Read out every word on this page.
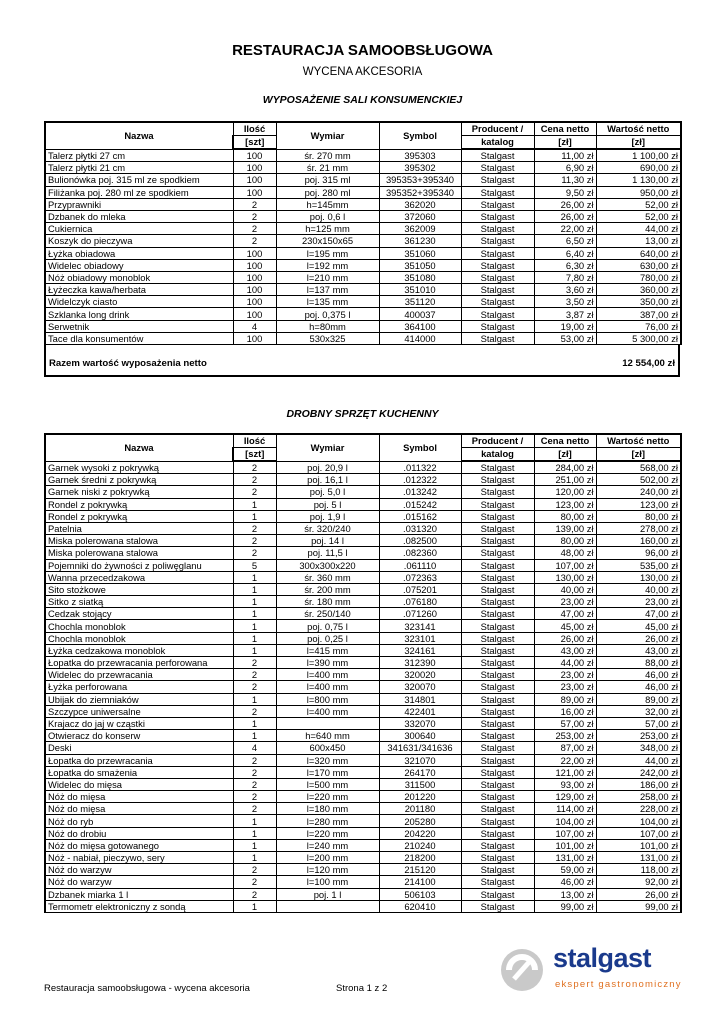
RESTAURACJA SAMOOBSŁUGOWA
WYCENA AKCESORIA
WYPOSAŻENIE SALI KONSUMENCKIEJ
Nazwa	Ilość	Wymiar	Symbol	Producent /	Cena netto	Wartość netto
	[szt]			katalog	[zł]	[zł]
Talerz płytki 27 cm	100	śr. 270 mm	395303	Stalgast	11,00 zł	1 100,00 zł
Talerz płytki 21 cm	100	śr. 21 mm	395302	Stalgast	6,90 zł	690,00 zł
Bulionówka poj. 315 ml ze spodkiem	100	poj. 315 ml	395353+395340	Stalgast	11,30 zł	1 130,00 zł
Filiżanka poj. 280 ml ze spodkiem	100	poj. 280 ml	395352+395340	Stalgast	9,50 zł	950,00 zł
Przyprawniki	2	h=145mm	362020	Stalgast	26,00 zł	52,00 zł
Dzbanek do mleka	2	poj. 0,6 l	372060	Stalgast	26,00 zł	52,00 zł
Cukiernica	2	h=125 mm	362009	Stalgast	22,00 zł	44,00 zł
Koszyk do pieczywa	2	230x150x65	361230	Stalgast	6,50 zł	13,00 zł
Łyżka obiadowa	100	l=195 mm	351060	Stalgast	6,40 zł	640,00 zł
Widelec obiadowy	100	l=192 mm	351050	Stalgast	6,30 zł	630,00 zł
Nóż obiadowy monoblok	100	l=210 mm	351080	Stalgast	7,80 zł	780,00 zł
Łyżeczka kawa/herbata	100	l=137 mm	351010	Stalgast	3,60 zł	360,00 zł
Widelczyk ciasto	100	l=135 mm	351120	Stalgast	3,50 zł	350,00 zł
Szklanka long drink	100	poj. 0,375 l	400037	Stalgast	3,87 zł	387,00 zł
Serwetnik	4	h=80mm	364100	Stalgast	19,00 zł	76,00 zł
Tace dla konsumentów	100	530x325	414000	Stalgast	53,00 zł	5 300,00 zł
Razem wartość wyposażenia netto	12 554,00 zł
DROBNY SPRZĘT KUCHENNY
Nazwa	Ilość	Wymiar	Symbol	Producent /	Cena netto	Wartość netto
	[szt]			katalog	[zł]	[zł]
Garnek wysoki z pokrywką	2	poj. 20,9 l	.011322	Stalgast	284,00 zł	568,00 zł
Garnek średni z pokrywką	2	poj. 16,1 l	.012322	Stalgast	251,00 zł	502,00 zł
Garnek niski z pokrywką	2	poj. 5,0 l	.013242	Stalgast	120,00 zł	240,00 zł
Rondel z pokrywką	1	poj. 5 l	.015242	Stalgast	123,00 zł	123,00 zł
Rondel z pokrywką	1	poj. 1,9 l	.015162	Stalgast	80,00 zł	80,00 zł
Patelnia	2	śr. 320/240	.031320	Stalgast	139,00 zł	278,00 zł
Miska polerowana stalowa	2	poj. 14 l	.082500	Stalgast	80,00 zł	160,00 zł
Miska polerowana stalowa	2	poj. 11,5 l	.082360	Stalgast	48,00 zł	96,00 zł
Pojemniki do żywności z poliwęglanu	5	300x300x220	.061110	Stalgast	107,00 zł	535,00 zł
Wanna przecedzakowa	1	śr. 360 mm	.072363	Stalgast	130,00 zł	130,00 zł
Sito stożkowe	1	śr. 200 mm	.075201	Stalgast	40,00 zł	40,00 zł
Sitko z siatką	1	śr. 180 mm	.076180	Stalgast	23,00 zł	23,00 zł
Cedzak stojący	1	śr. 250/140	.071260	Stalgast	47,00 zł	47,00 zł
Chochla monoblok	1	poj. 0,75 l	323141	Stalgast	45,00 zł	45,00 zł
Chochla monoblok	1	poj. 0,25 l	323101	Stalgast	26,00 zł	26,00 zł
Łyżka cedzakowa monoblok	1	l=415 mm	324161	Stalgast	43,00 zł	43,00 zł
Łopatka do przewracania perforowana	2	l=390 mm	312390	Stalgast	44,00 zł	88,00 zł
Widelec do przewracania	2	l=400 mm	320020	Stalgast	23,00 zł	46,00 zł
Łyżka perforowana	2	l=400 mm	320070	Stalgast	23,00 zł	46,00 zł
Ubijak do ziemniaków	1	l=800 mm	314801	Stalgast	89,00 zł	89,00 zł
Szczypce uniwersalne	2	l=400 mm	422401	Stalgast	16,00 zł	32,00 zł
Krajacz do jaj w cząstki	1		332070	Stalgast	57,00 zł	57,00 zł
Otwieracz do konserw	1	h=640 mm	300640	Stalgast	253,00 zł	253,00 zł
Deski	4	600x450	341631/341636	Stalgast	87,00 zł	348,00 zł
Łopatka do przewracania	2	l=320 mm	321070	Stalgast	22,00 zł	44,00 zł
Łopatka do smażenia	2	l=170 mm	264170	Stalgast	121,00 zł	242,00 zł
Widelec do mięsa	2	l=500 mm	311500	Stalgast	93,00 zł	186,00 zł
Nóż do mięsa	2	l=220 mm	201220	Stalgast	129,00 zł	258,00 zł
Nóż do mięsa	2	l=180 mm	201180	Stalgast	114,00 zł	228,00 zł
Nóż do ryb	1	l=280 mm	205280	Stalgast	104,00 zł	104,00 zł
Nóż do drobiu	1	l=220 mm	204220	Stalgast	107,00 zł	107,00 zł
Nóż do mięsa gotowanego	1	l=240 mm	210240	Stalgast	101,00 zł	101,00 zł
Nóż - nabiał, pieczywo, sery	1	l=200 mm	218200	Stalgast	131,00 zł	131,00 zł
Nóż do warzyw	2	l=120 mm	215120	Stalgast	59,00 zł	118,00 zł
Nóż do warzyw	2	l=100 mm	214100	Stalgast	46,00 zł	92,00 zł
Dzbanek miarka 1 l	2	poj. 1 l	506103	Stalgast	13,00 zł	26,00 zł
Termometr elektroniczny z sondą	1		620410	Stalgast	99,00 zł	99,00 zł
Restauracja samoobsługowa - wycena akcesoria	Strona 1 z 2
stalgast
ekspert gastronomiczny
